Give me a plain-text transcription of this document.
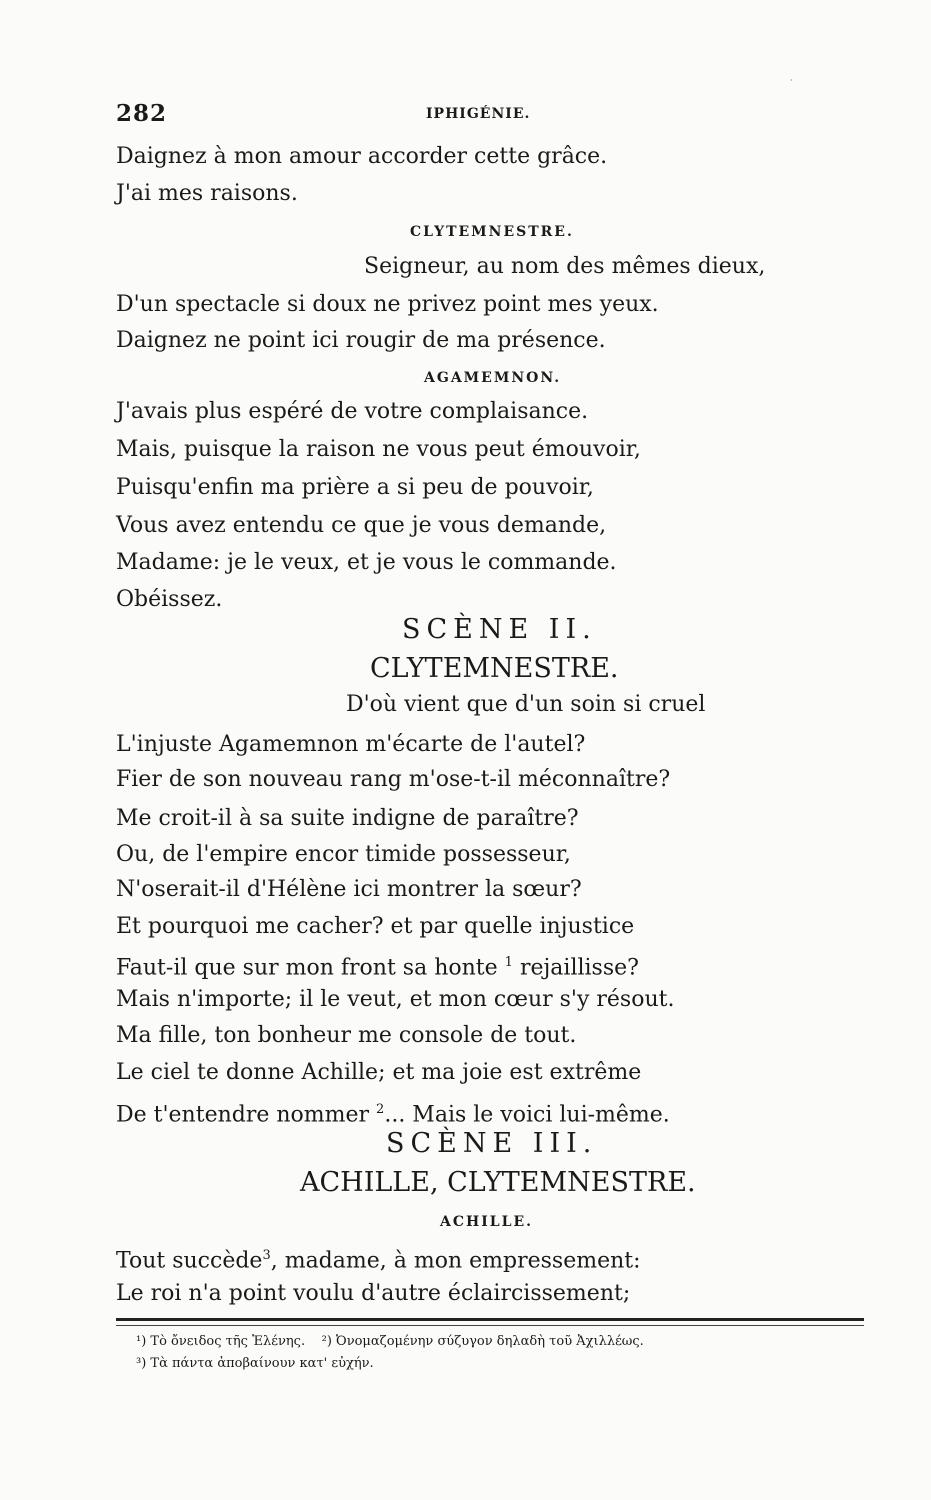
282	IPHIGÉNIE.
Daignez à mon amour accorder cette grâce.
J'ai mes raisons.
CLYTEMNESTRE.
Seigneur, au nom des mêmes dieux,
D'un spectacle si doux ne privez point mes yeux.
Daignez ne point ici rougir de ma présence.
AGAMEMNON.
J'avais plus espéré de votre complaisance.
Mais, puisque la raison ne vous peut émouvoir,
Puisqu'enfin ma prière a si peu de pouvoir,
Vous avez entendu ce que je vous demande,
Madame: je le veux, et je vous le commande.
Obéissez.
SCÈNE II.
CLYTEMNESTRE.
D'où vient que d'un soin si cruel
L'injuste Agamemnon m'écarte de l'autel?
Fier de son nouveau rang m'ose-t-il méconnaître?
Me croit-il à sa suite indigne de paraître?
Ou, de l'empire encor timide possesseur,
N'oserait-il d'Hélène ici montrer la sœur?
Et pourquoi me cacher? et par quelle injustice
Faut-il que sur mon front sa honte $^1$ rejaillisse?
Mais n'importe; il le veut, et mon cœur s'y résout.
Ma fille, ton bonheur me console de tout.
Le ciel te donne Achille; et ma joie est extrême
De t'entendre nommer $^2$... Mais le voici lui-même.
SCÈNE III.
ACHILLE, CLYTEMNESTRE.
ACHILLE.
Tout succède$^3$, madame, à mon empressement:
Le roi n'a point voulu d'autre éclaircissement;
¹) Τὸ ὄνειδος τῆς Ἑλένης. ²) Ὀνομαζομένην σύζυγον δηλαδὴ τοῦ Ἀχιλλέως.
³) Τὰ πάντα ἀποβαίνουν κατ' εὐχήν.
·
